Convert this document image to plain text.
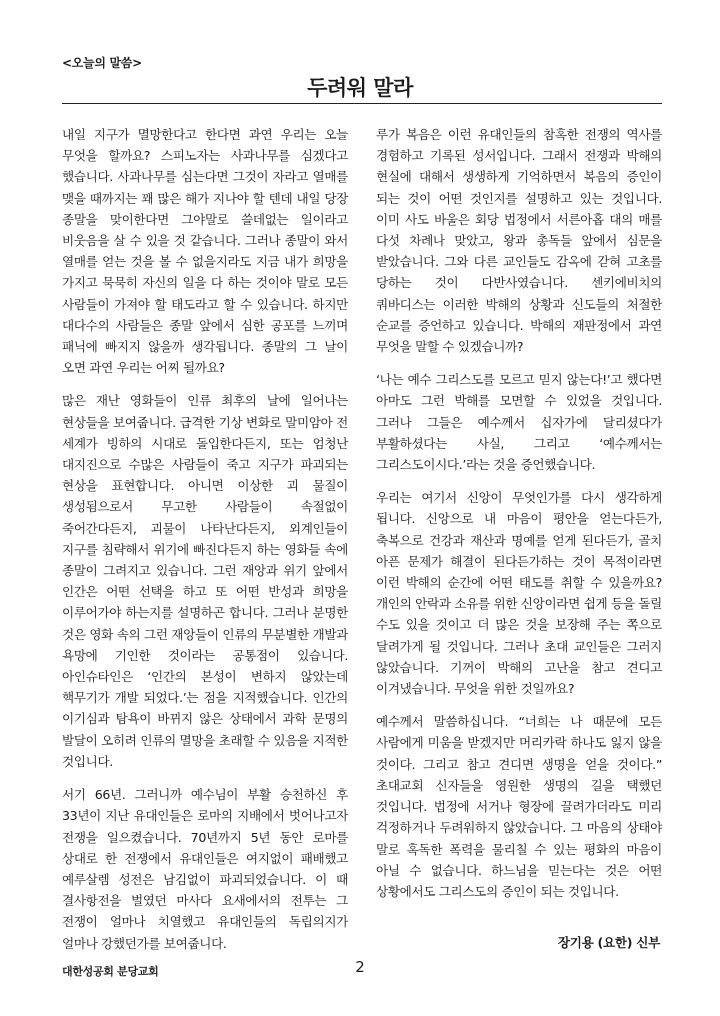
<오늘의 말씀>
두려워 말라

내일 지구가 멸망한다고 한다면 과연 우리는 오늘 무엇을 할까요? 스피노자는 사과나무를 심겠다고 했습니다. 사과나무를 심는다면 그것이 자라고 열매를 맺을 때까지는 꽤 많은 해가 지나야 할 텐데 내일 당장 종말을 맞이한다면 그야말로 쓸데없는 일이라고 비웃음을 살 수 있을 것 같습니다. 그러나 종말이 와서 열매를 얻는 것을 볼 수 없을지라도 지금 내가 희망을 가지고 묵묵히 자신의 일을 다 하는 것이야 말로 모든 사람들이 가져야 할 태도라고 할 수 있습니다. 하지만 대다수의 사람들은 종말 앞에서 심한 공포를 느끼며 패닉에 빠지지 않을까 생각됩니다. 종말의 그 날이 오면 과연 우리는 어찌 될까요?

많은 재난 영화들이 인류 최후의 날에 일어나는 현상들을 보여줍니다. 급격한 기상 변화로 말미암아 전 세계가 빙하의 시대로 돌입한다든지, 또는 엄청난 대지진으로 수많은 사람들이 죽고 지구가 파괴되는 현상을 표현합니다. 아니면 이상한 괴 물질이 생성됨으로서 무고한 사람들이 속절없이 죽어간다든지, 괴물이 나타난다든지, 외계인들이 지구를 침략해서 위기에 빠진다든지 하는 영화들 속에 종말이 그려지고 있습니다. 그런 재앙과 위기 앞에서 인간은 어떤 선택을 하고 또 어떤 반성과 희망을 이루어가야 하는지를 설명하곤 합니다. 그러나 분명한 것은 영화 속의 그런 재앙들이 인류의 무분별한 개발과 욕망에 기인한 것이라는 공통점이 있습니다. 아인슈타인은 ‘인간의 본성이 변하지 않았는데 핵무기가 개발 되었다.’는 점을 지적했습니다. 인간의 이기심과 탐욕이 바뀌지 않은 상태에서 과학 문명의 발달이 오히려 인류의 멸망을 초래할 수 있음을 지적한 것입니다.

서기 66년. 그러니까 예수님이 부활 승천하신 후 33년이 지난 유대인들은 로마의 지배에서 벗어나고자 전쟁을 일으켰습니다. 70년까지 5년 동안 로마를 상대로 한 전쟁에서 유대인들은 여지없이 패배했고 예루살렘 성전은 남김없이 파괴되었습니다. 이 때 결사항전을 벌였던 마사다 요새에서의 전투는 그 전쟁이 얼마나 치열했고 유대인들의 독립의지가 얼마나 강했던가를 보여줍니다.

루가 복음은 이런 유대인들의 참혹한 전쟁의 역사를 경험하고 기록된 성서입니다. 그래서 전쟁과 박해의 현실에 대해서 생생하게 기억하면서 복음의 증인이 되는 것이 어떤 것인지를 설명하고 있는 것입니다. 이미 사도 바울은 회당 법정에서 서른아홉 대의 매를 다섯 차례나 맞았고, 왕과 총독들 앞에서 심문을 받았습니다. 그와 다른 교인들도 감옥에 갇혀 고초를 당하는 것이 다반사였습니다. 센키에비치의 쿼바디스는 이러한 박해의 상황과 신도들의 처절한 순교를 증언하고 있습니다. 박해의 재판정에서 과연 무엇을 말할 수 있겠습니까?

‘나는 예수 그리스도를 모르고 믿지 않는다!’고 했다면 아마도 그런 박해를 모면할 수 있었을 것입니다. 그러나 그들은 예수께서 십자가에 달리셨다가 부활하셨다는 사실, 그리고 ‘예수께서는 그리스도이시다.’라는 것을 증언했습니다.

우리는 여기서 신앙이 무엇인가를 다시 생각하게 됩니다. 신앙으로 내 마음이 평안을 얻는다든가, 축복으로 건강과 재산과 명예를 얻게 된다든가, 골치 아픈 문제가 해결이 된다든가하는 것이 목적이라면 이런 박해의 순간에 어떤 태도를 취할 수 있을까요? 개인의 안락과 소유를 위한 신앙이라면 쉽게 등을 돌릴 수도 있을 것이고 더 많은 것을 보장해 주는 쪽으로 달려가게 될 것입니다. 그러나 초대 교인들은 그러지 않았습니다. 기꺼이 박해의 고난을 참고 견디고 이겨냈습니다. 무엇을 위한 것일까요?

예수께서 말씀하십니다. “너희는 나 때문에 모든 사람에게 미움을 받겠지만 머리카락 하나도 잃지 않을 것이다. 그리고 참고 견디면 생명을 얻을 것이다.” 초대교회 신자들을 영원한 생명의 길을 택했던 것입니다. 법정에 서거나 형장에 끌려가더라도 미리 걱정하거나 두려워하지 않았습니다. 그 마음의 상태야 말로 혹독한 폭력을 물리칠 수 있는 평화의 마음이 아닐 수 없습니다. 하느님을 믿는다는 것은 어떤 상황에서도 그리스도의 증인이 되는 것입니다.

장기용 (요한) 신부
대한성공회 분당교회	2
